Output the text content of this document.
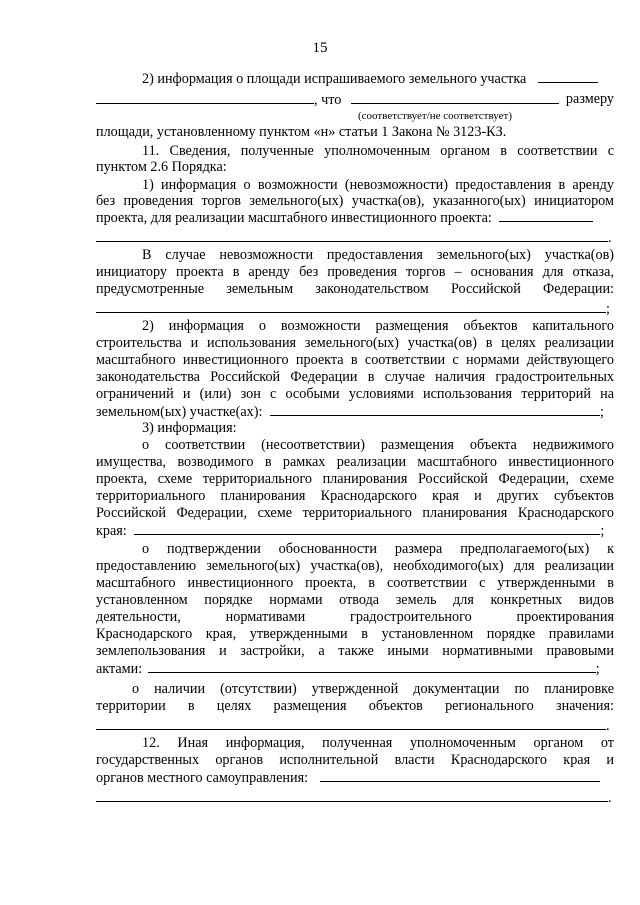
15
2) информация о площади испрашиваемого земельного участка
, что	размеру
(соответствует/не соответствует)
площади, установленному пунктом «н» статьи 1 Закона № 3123-КЗ.
11. Сведения, полученные уполномоченным органом в соответствии с
пунктом 2.6 Порядка:
1) информация о возможности (невозможности) предоставления в аренду
без проведения торгов земельного(ых) участка(ов), указанного(ых) инициатором
проекта, для реализации масштабного инвестиционного проекта:
.
В случае невозможности предоставления земельного(ых) участка(ов)
инициатору проекта в аренду без проведения торгов – основания для отказа,
предусмотренные земельным законодательством Российской Федерации:
;
2) информация о возможности размещения объектов капитального
строительства и использования земельного(ых) участка(ов) в целях реализации
масштабного инвестиционного проекта в соответствии с нормами действующего
законодательства Российской Федерации в случае наличия градостроительных
ограничений и (или) зон с особыми условиями использования территорий на
земельном(ых) участке(ах):	;
3) информация:
о соответствии (несоответствии) размещения объекта недвижимого
имущества, возводимого в рамках реализации масштабного инвестиционного
проекта, схеме территориального планирования Российской Федерации, схеме
территориального планирования Краснодарского края и других субъектов
Российской Федерации, схеме территориального планирования Краснодарского
края:	;
о подтверждении обоснованности размера предполагаемого(ых) к
предоставлению земельного(ых) участка(ов), необходимого(ых) для реализации
масштабного инвестиционного проекта, в соответствии с утвержденными в
установленном порядке нормами отвода земель для конкретных видов
деятельности, нормативами градостроительного проектирования
Краснодарского края, утвержденными в установленном порядке правилами
землепользования и застройки, а также иными нормативными правовыми
актами:	;
о наличии (отсутствии) утвержденной документации по планировке
территории в целях размещения объектов регионального значения:
.
12. Иная информация, полученная уполномоченным органом от
государственных органов исполнительной власти Краснодарского края и
органов местного самоуправления:
.
